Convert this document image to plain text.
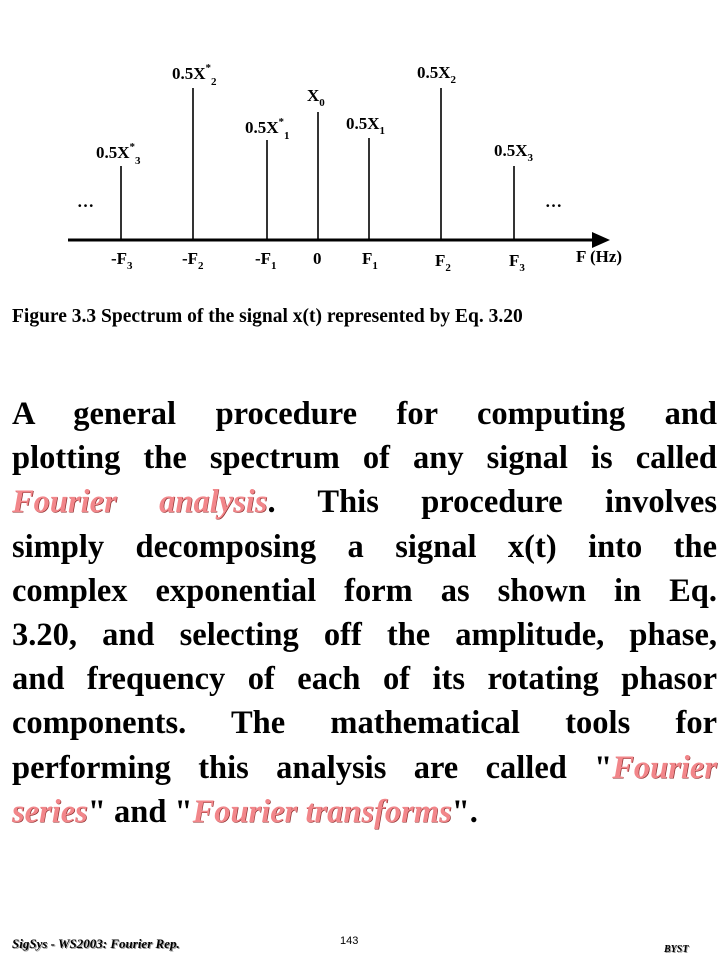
$0.5X^*_3$
$0.5X^*_2$
$0.5X^*_1$
$X_0$
$0.5X_1$
$0.5X_2$
$0.5X_3$
…	…
$-F_3$	$-F_2$	$-F_1$ 0 $F_1$	$F_2$	$F_3$
F (Hz)
Figure 3.3 Spectrum of the signal x(t) represented by Eq. 3.20
A general procedure for computing and
plotting the spectrum of any signal is called
Fourier analysis. This procedure involves
simply decomposing a signal x(t) into the
complex exponential form as shown in Eq.
3.20, and selecting off the amplitude, phase,
and frequency of each of its rotating phasor
components. The mathematical tools for
performing this analysis are called "Fourier
series" and "Fourier transforms".
SigSys - WS2003: Fourier Rep.	143
BYST
